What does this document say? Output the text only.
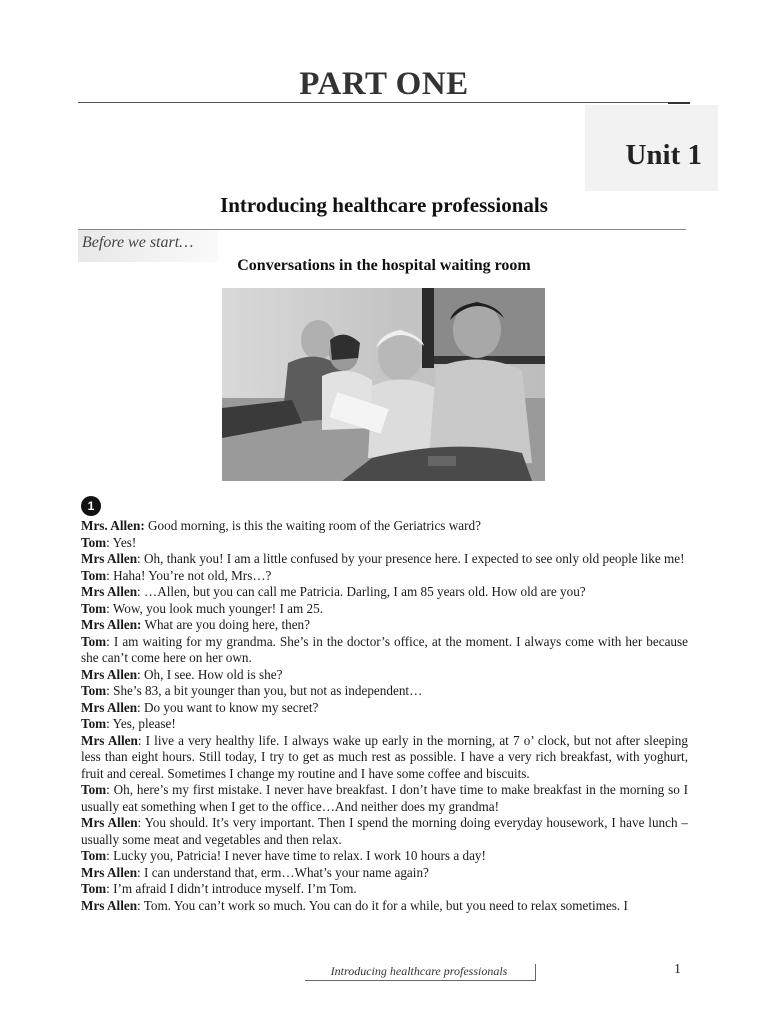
PART ONE
Unit 1
Introducing healthcare professionals
Before we start…
Conversations in the hospital waiting room
1

Mrs. Allen: Good morning, is this the waiting room of the Geriatrics ward?

Tom: Yes!

Mrs Allen: Oh, thank you! I am a little confused by your presence here. I expected to see only old people like me!

Tom: Haha! You’re not old, Mrs…?

Mrs Allen: …Allen, but you can call me Patricia. Darling, I am 85 years old. How old are you?

Tom: Wow, you look much younger! I am 25.

Mrs Allen: What are you doing here, then?

Tom: I am waiting for my grandma. She’s in the doctor’s office, at the moment. I always come with her because she can’t come here on her own.

Mrs Allen: Oh, I see. How old is she?

Tom: She’s 83, a bit younger than you, but not as independent…

Mrs Allen: Do you want to know my secret?

Tom: Yes, please!

Mrs Allen: I live a very healthy life. I always wake up early in the morning, at 7 o’ clock, but not after sleeping less than eight hours. Still today, I try to get as much rest as possible. I have a very rich breakfast, with yoghurt, fruit and cereal. Sometimes I change my routine and I have some coffee and biscuits.

Tom: Oh, here’s my first mistake. I never have breakfast. I don’t have time to make breakfast in the morning so I usually eat something when I get to the office…And neither does my grandma!

Mrs Allen: You should. It’s very important. Then I spend the morning doing everyday housework, I have lunch – usually some meat and vegetables and then relax.

Tom: Lucky you, Patricia! I never have time to relax. I work 10 hours a day!

Mrs Allen: I can understand that, erm…What’s your name again?

Tom: I’m afraid I didn’t introduce myself. I’m Tom.

Mrs Allen: Tom. You can’t work so much. You can do it for a while, but you need to relax sometimes. I

Introducing healthcare professionals	1
